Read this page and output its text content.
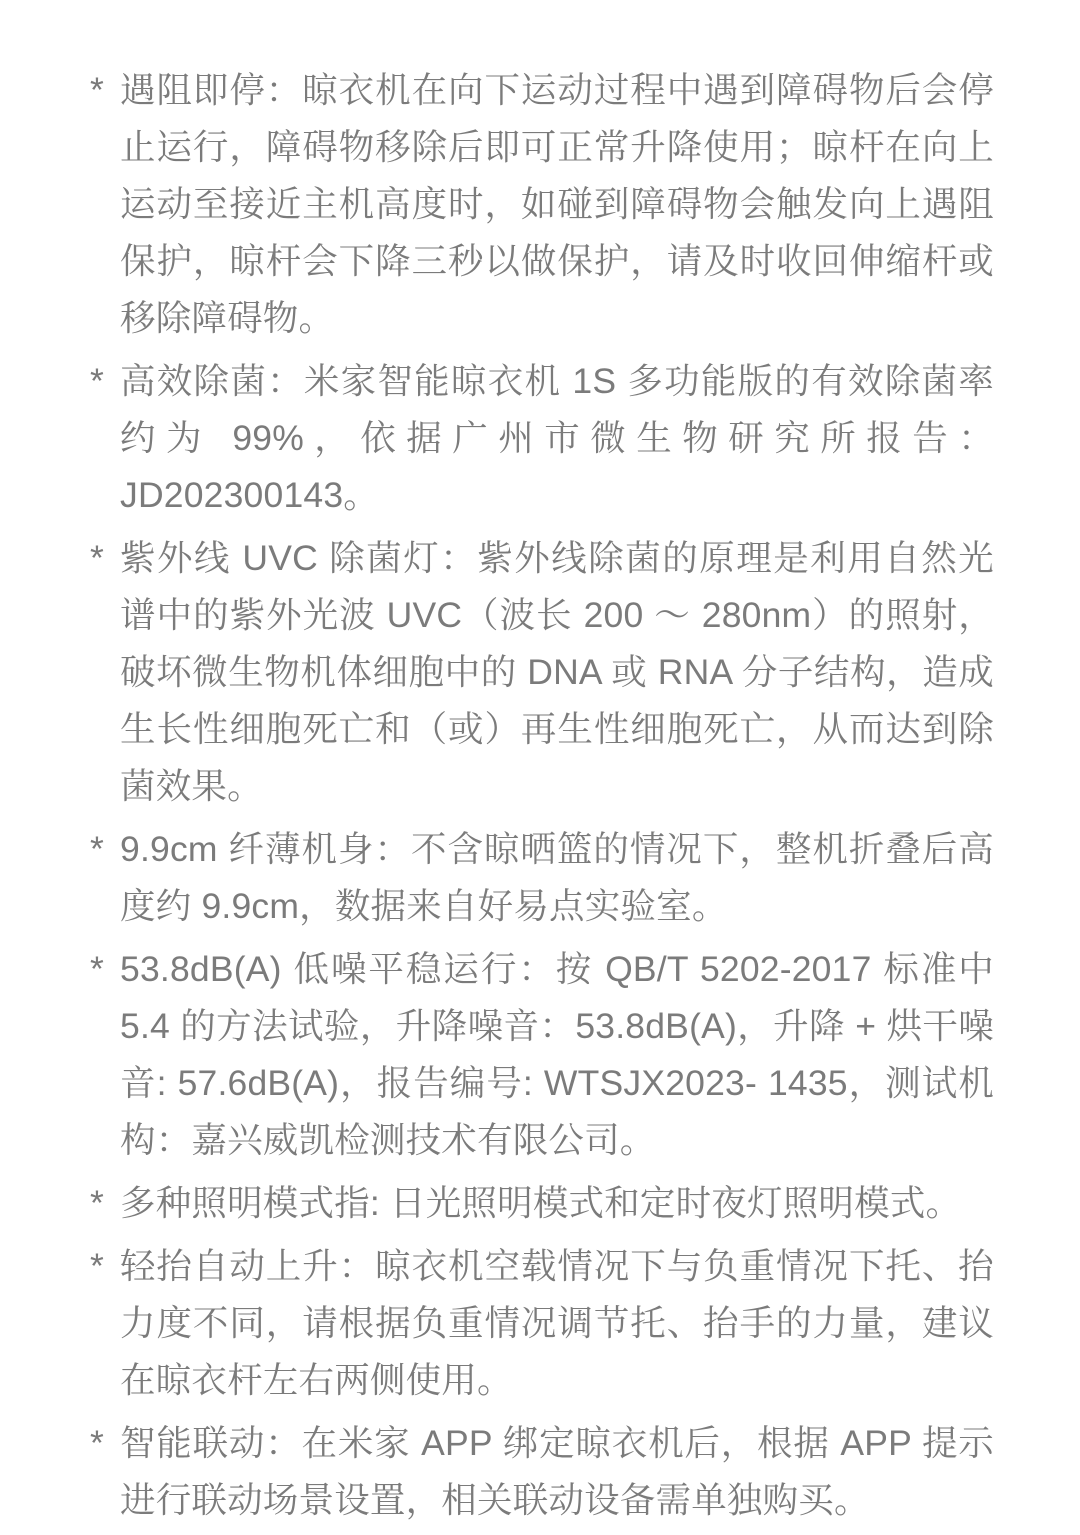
* 遇阻即停：晾衣机在向下运动过程中遇到障碍物后会停止运行，障碍物移除后即可正常升降使用；晾杆在向上运动至接近主机高度时，如碰到障碍物会触发向上遇阻保护，晾杆会下降三秒以做保护，请及时收回伸缩杆或移除障碍物。
* 高效除菌：米家智能晾衣机 1S 多功能版的有效除菌率约为 99%，依据广州市微生物研究所报告：JD202300143。
* 紫外线 UVC 除菌灯：紫外线除菌的原理是利用自然光谱中的紫外光波 UVC（波长 200 ～ 280nm）的照射，破坏微生物机体细胞中的 DNA 或 RNA 分子结构，造成生长性细胞死亡和（或）再生性细胞死亡，从而达到除菌效果。
* 9.9cm 纤薄机身：不含晾晒篮的情况下，整机折叠后高度约 9.9cm，数据来自好易点实验室。
* 53.8dB(A) 低噪平稳运行：按 QB/T 5202-2017 标准中 5.4 的方法试验，升降噪音：53.8dB(A)，升降 + 烘干噪音: 57.6dB(A)，报告编号: WTSJX2023- 1435，测试机构：嘉兴威凯检测技术有限公司。
* 多种照明模式指: 日光照明模式和定时夜灯照明模式。
* 轻抬自动上升：晾衣机空载情况下与负重情况下托、抬力度不同，请根据负重情况调节托、抬手的力量，建议在晾衣杆左右两侧使用。
* 智能联动：在米家 APP 绑定晾衣机后，根据 APP 提示进行联动场景设置，相关联动设备需单独购买。
